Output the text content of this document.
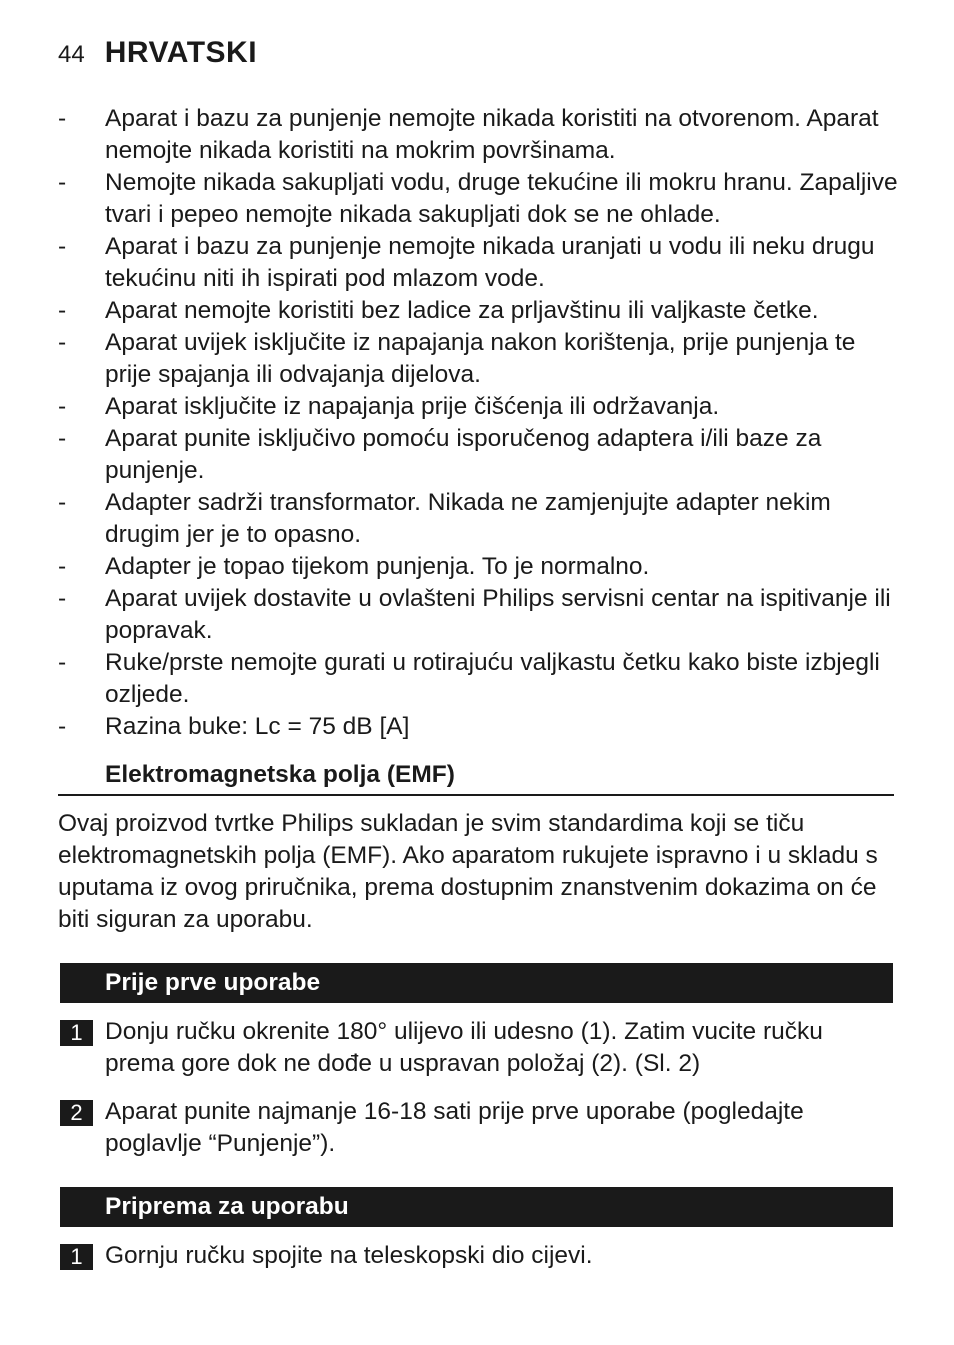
44 HRVATSKI
- Aparat i bazu za punjenje nemojte nikada koristiti na otvorenom. Aparat nemojte nikada koristiti na mokrim površinama.
- Nemojte nikada sakupljati vodu, druge tekućine ili mokru hranu. Zapaljive tvari i pepeo nemojte nikada sakupljati dok se ne ohlade.
- Aparat i bazu za punjenje nemojte nikada uranjati u vodu ili neku drugu tekućinu niti ih ispirati pod mlazom vode.
- Aparat nemojte koristiti bez ladice za prljavštinu ili valjkaste četke.
- Aparat uvijek isključite iz napajanja nakon korištenja, prije punjenja te prije spajanja ili odvajanja dijelova.
- Aparat isključite iz napajanja prije čišćenja ili održavanja.
- Aparat punite isključivo pomoću isporučenog adaptera i/ili baze za punjenje.
- Adapter sadrži transformator. Nikada ne zamjenjujte adapter nekim drugim jer je to opasno.
- Adapter je topao tijekom punjenja. To je normalno.
- Aparat uvijek dostavite u ovlašteni Philips servisni centar na ispitivanje ili popravak.
- Ruke/prste nemojte gurati u rotirajuću valjkastu četku kako biste izbjegli ozljede.
- Razina buke: Lc = 75 dB [A]
Elektromagnetska polja (EMF)

Ovaj proizvod tvrtke Philips sukladan je svim standardima koji se tiču elektromagnetskih polja (EMF). Ako aparatom rukujete ispravno i u skladu s uputama iz ovog priručnika, prema dostupnim znanstvenim dokazima on će biti siguran za uporabu.

Prije prve uporabe
1 Donju ručku okrenite 180° ulijevo ili udesno (1). Zatim vucite ručku prema gore dok ne dođe u uspravan položaj (2). (Sl. 2)
2 Aparat punite najmanje 16-18 sati prije prve uporabe (pogledajte poglavlje “Punjenje”).
Priprema za uporabu
1 Gornju ručku spojite na teleskopski dio cijevi.
